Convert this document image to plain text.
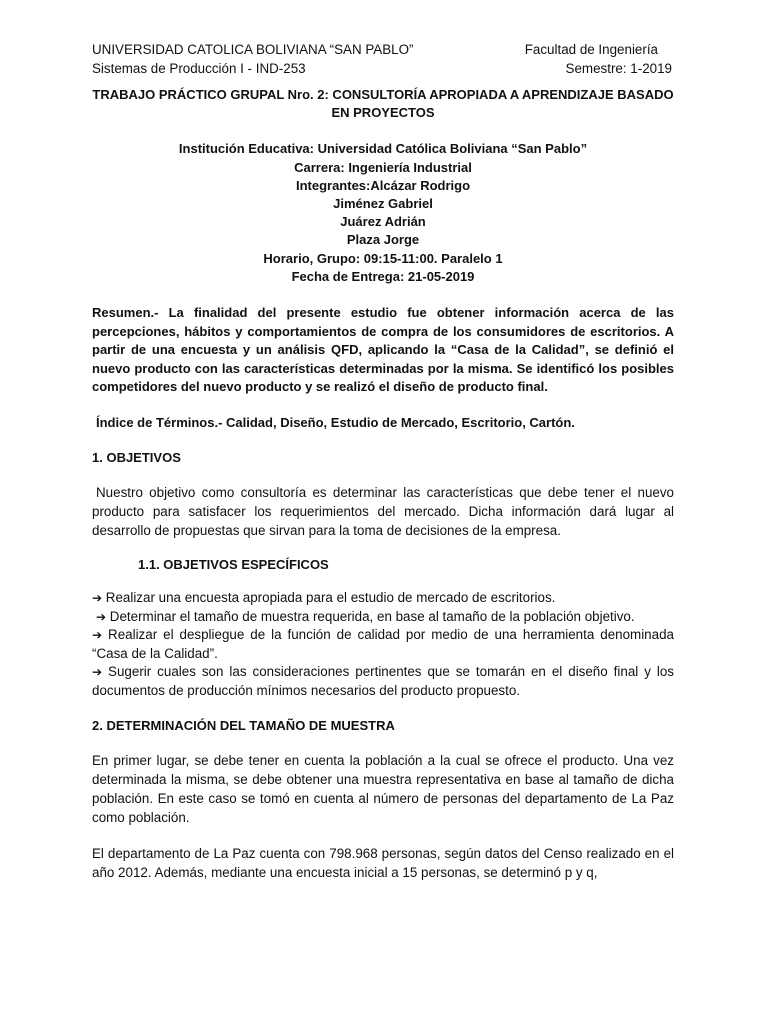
UNIVERSIDAD CATOLICA BOLIVIANA “SAN PABLO”	Facultad de Ingeniería
Sistemas de Producción I - IND-253	Semestre: 1-2019
TRABAJO PRÁCTICO GRUPAL Nro. 2: CONSULTORÍA APROPIADA A APRENDIZAJE BASADO EN PROYECTOS
Institución Educativa: Universidad Católica Boliviana “San Pablo”
Carrera: Ingeniería Industrial
Integrantes:Alcázar Rodrigo
Jiménez Gabriel
Juárez Adrián
Plaza Jorge
Horario, Grupo: 09:15-11:00. Paralelo 1
Fecha de Entrega: 21-05-2019
Resumen.- La finalidad del presente estudio fue obtener información acerca de las percepciones, hábitos y comportamientos de compra de los consumidores de escritorios. A partir de una encuesta y un análisis QFD, aplicando la “Casa de la Calidad”, se definió el nuevo producto con las características determinadas por la misma. Se identificó los posibles competidores del nuevo producto y se realizó el diseño de producto final.
Índice de Términos.- Calidad, Diseño, Estudio de Mercado, Escritorio, Cartón.
1. OBJETIVOS
Nuestro objetivo como consultoría es determinar las características que debe tener el nuevo producto para satisfacer los requerimientos del mercado. Dicha información dará lugar al desarrollo de propuestas que sirvan para la toma de decisiones de la empresa.
1.1. OBJETIVOS ESPECÍFICOS
➔ Realizar una encuesta apropiada para el estudio de mercado de escritorios.
➔ Determinar el tamaño de muestra requerida, en base al tamaño de la población objetivo.
➔ Realizar el despliegue de la función de calidad por medio de una herramienta denominada “Casa de la Calidad”.
➔ Sugerir cuales son las consideraciones pertinentes que se tomarán en el diseño final y los documentos de producción mínimos necesarios del producto propuesto.
2. DETERMINACIÓN DEL TAMAÑO DE MUESTRA
En primer lugar, se debe tener en cuenta la población a la cual se ofrece el producto. Una vez determinada la misma, se debe obtener una muestra representativa en base al tamaño de dicha población. En este caso se tomó en cuenta al número de personas del departamento de La Paz como población.
El departamento de La Paz cuenta con 798.968 personas, según datos del Censo realizado en el año 2012. Además, mediante una encuesta inicial a 15 personas, se determinó p y q,
